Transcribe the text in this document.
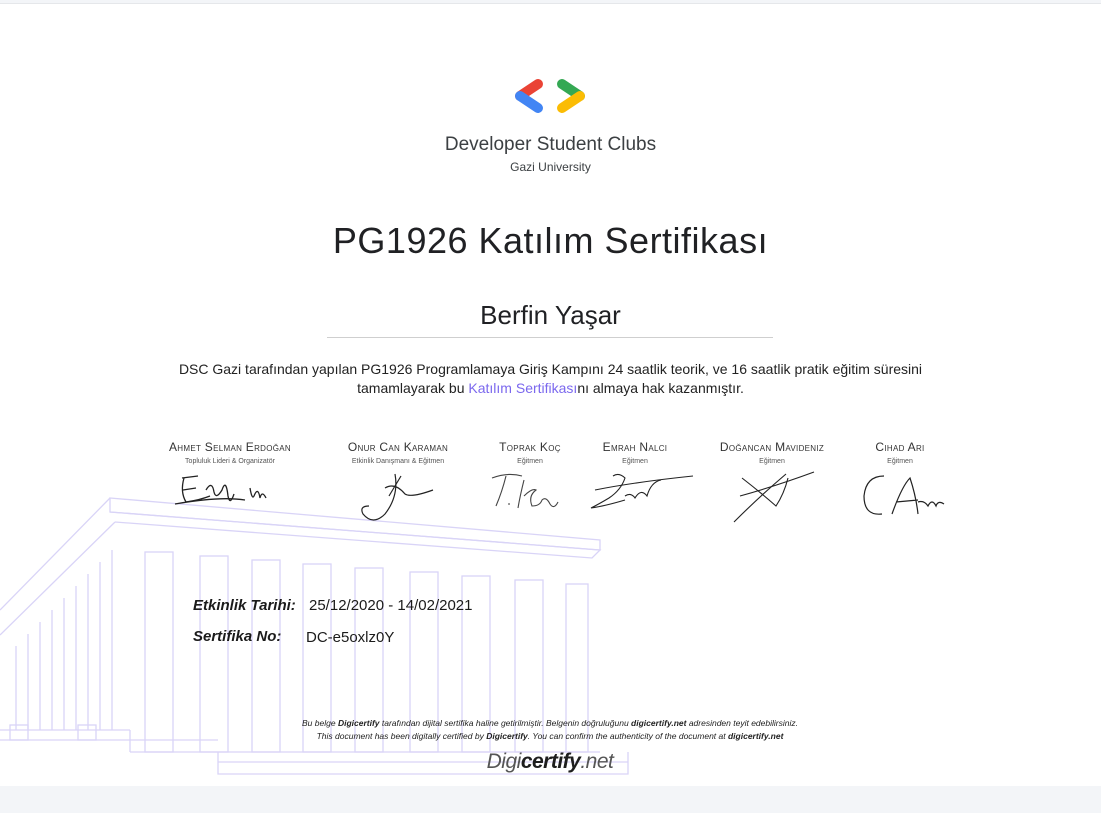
Developer Student Clubs
Gazi University
PG1926 Katılım Sertifikası
Berfin Yaşar
DSC Gazi tarafından yapılan PG1926 Programlamaya Giriş Kampını 24 saatlik teorik, ve 16 saatlik pratik eğitim süresini
tamamlayarak bu Katılım Sertifikasını almaya hak kazanmıştır.
Ahmet Selman Erdoğan
Topluluk Lideri & Organizatör
Onur Can Karaman
Etkinlik Danışmanı & Eğitmen
Toprak Koç
Eğitmen
Emrah Nalcı
Eğitmen
Doğancan Mavideniz
Eğitmen
Cihad Arı
Eğitmen
Etkinlik Tarihi: 25/12/2020 - 14/02/2021
Sertifika No: DC-e5oxlz0Y
Bu belge Digicertify tarafından dijital sertifika haline getirilmiştir. Belgenin doğruluğunu digicertify.net adresinden teyit edebilirsiniz.
This document has been digitally certified by Digicertify. You can confirm the authenticity of the document at digicertify.net
Digicertify.net
